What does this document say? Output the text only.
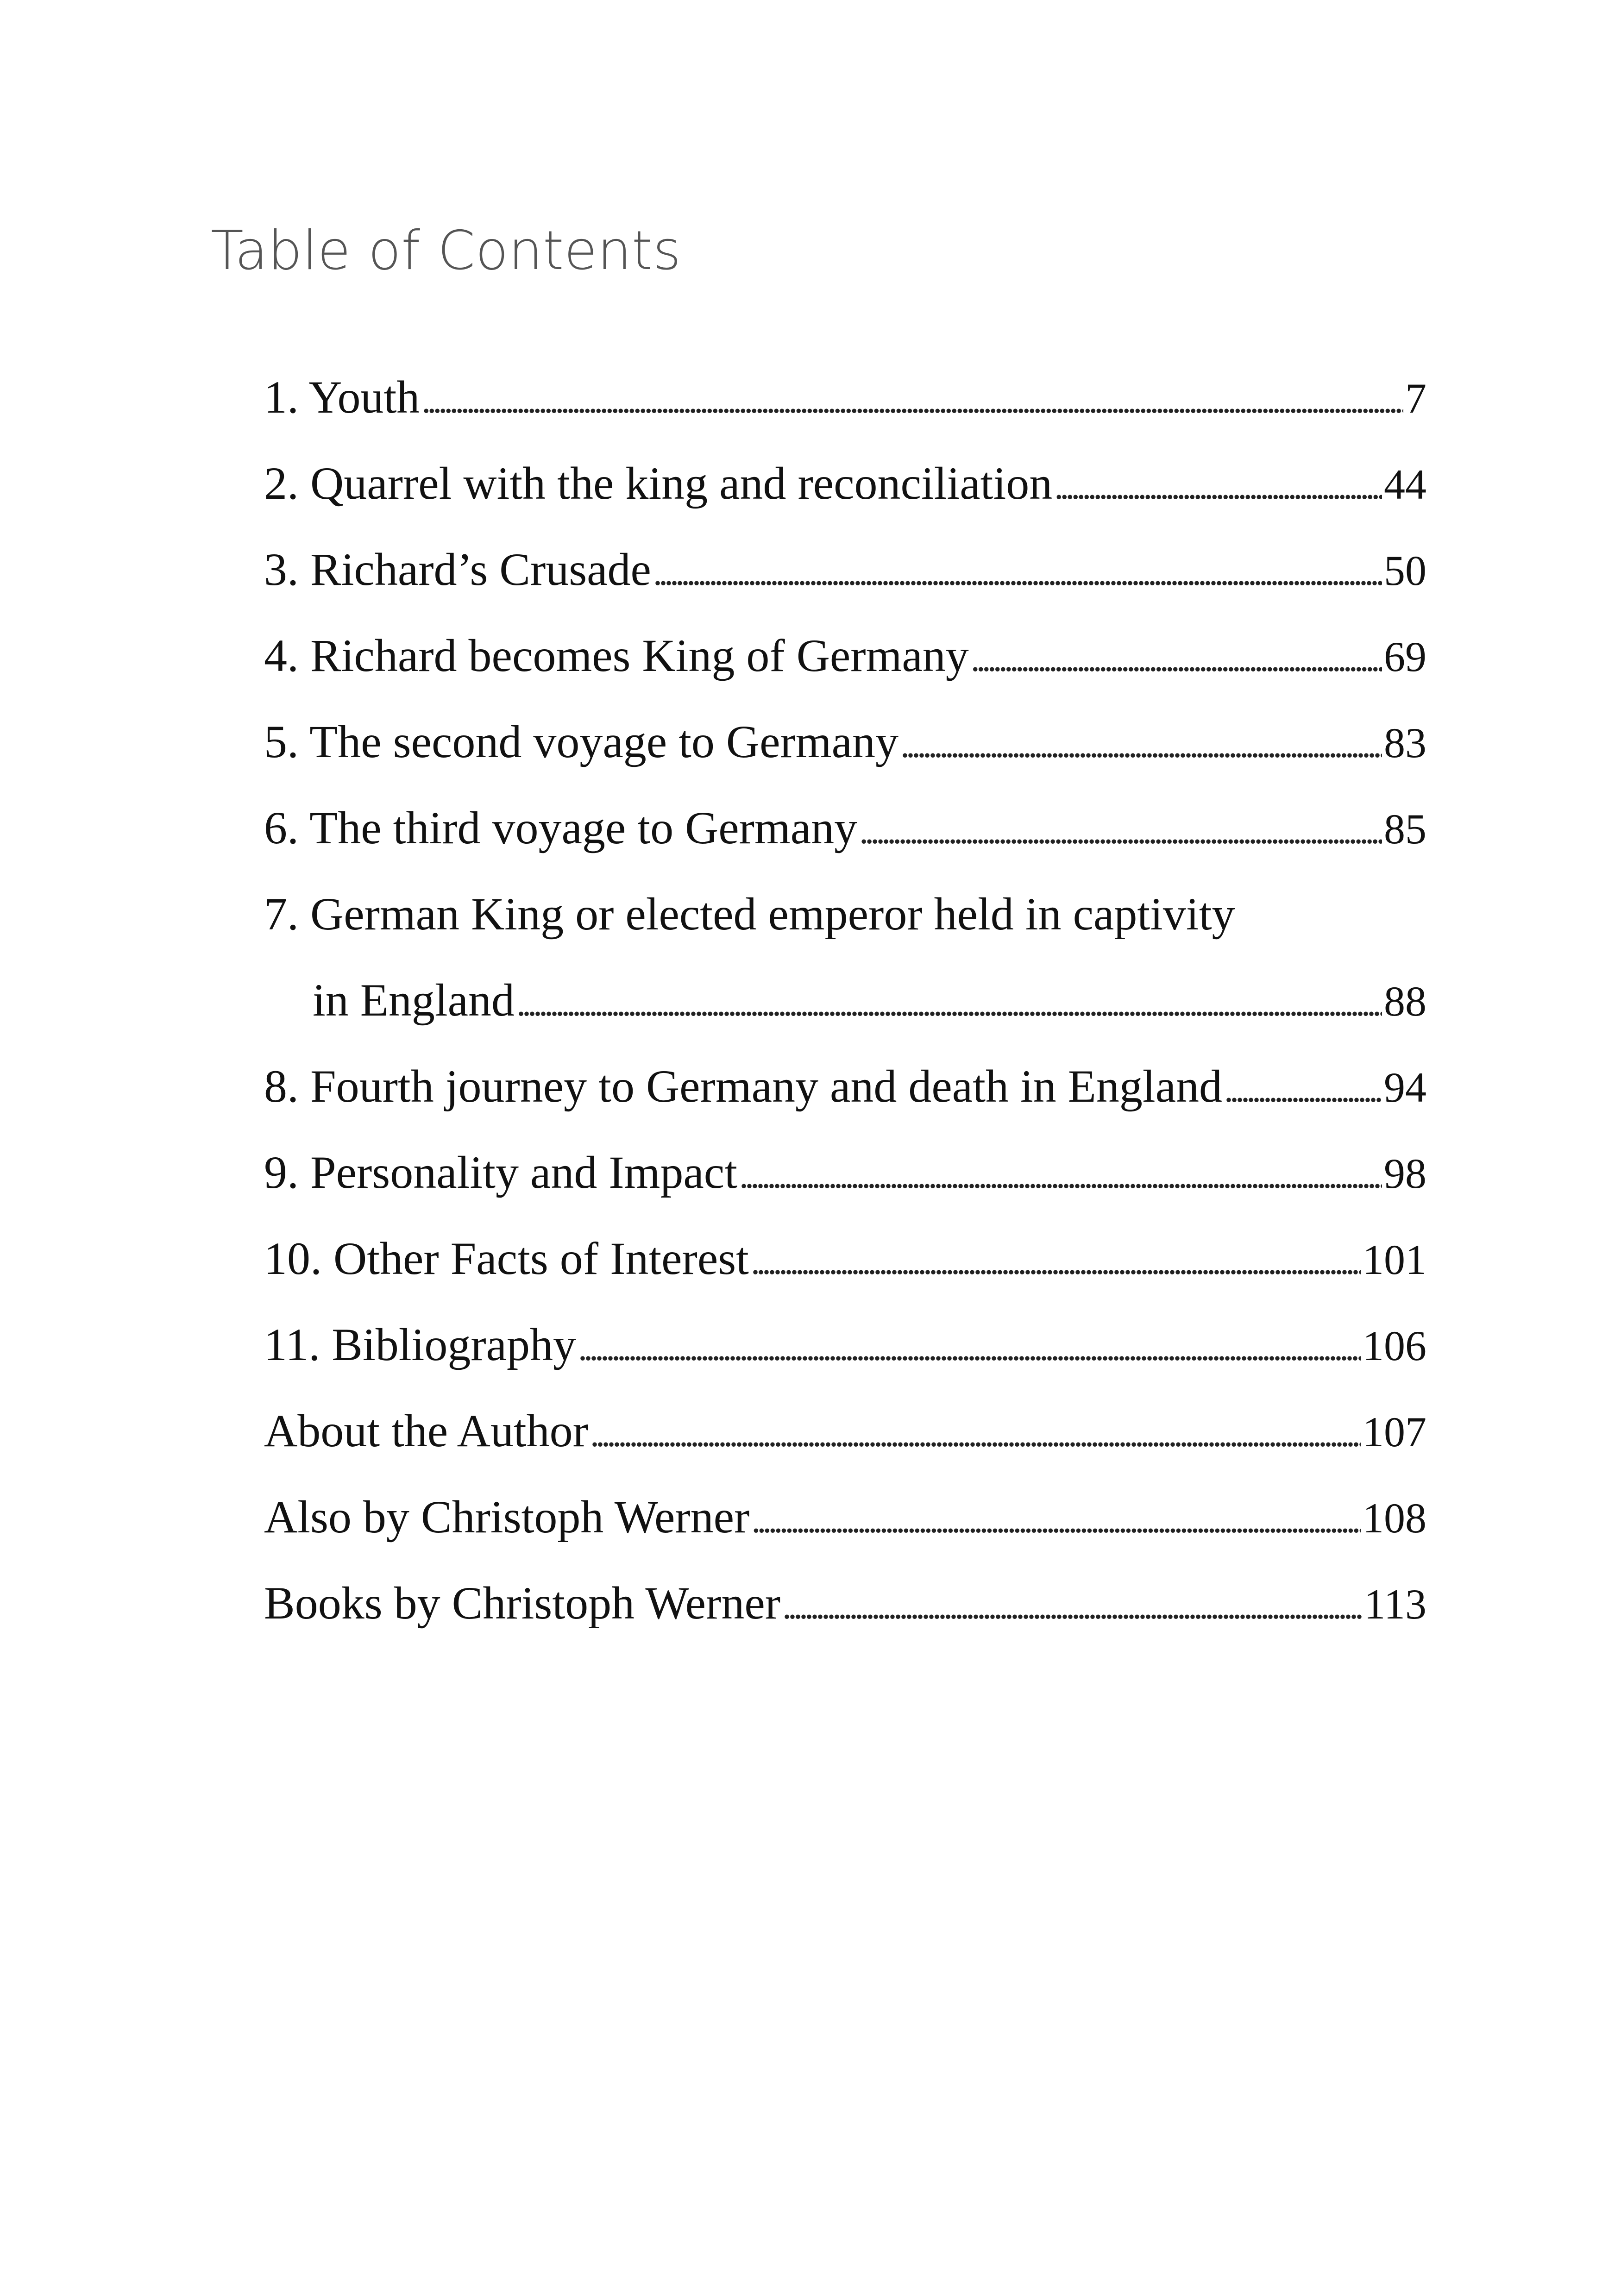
Table of Contents
1. Youth . . .	7
2. Quarrel with the king and reconciliation . . .	44
3. Richard’s Crusade . . .	50
4. Richard becomes King of Germany . . .	69
5. The second voyage to Germany . . .	83
6. The third voyage to Germany . . .	85
7. German King or elected emperor held in captivity
in England . . .	88
8. Fourth journey to Germany and death in England . . .	94
9. Personality and Impact . . .	98
10. Other Facts of Interest . . .	101
11. Bibliography . . .	106
About the Author . . .	107
Also by Christoph Werner . . .	108
Books by Christoph Werner . . .	113
